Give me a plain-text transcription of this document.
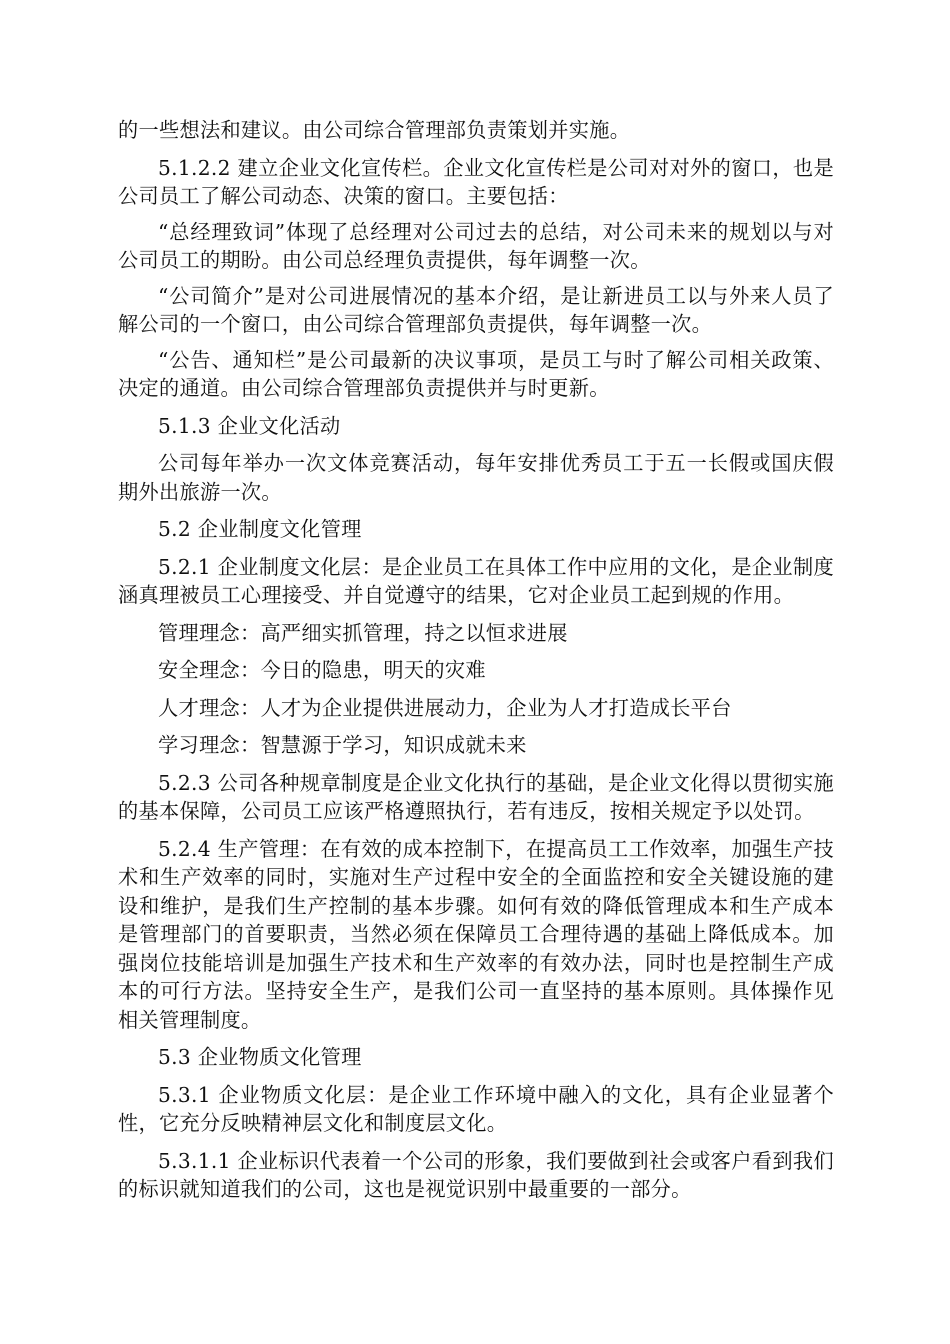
的一些想法和建议。由公司综合管理部负责策划并实施。

5.1.2.2 建立企业文化宣传栏。企业文化宣传栏是公司对对外的窗口，也是公司员工了解公司动态、决策的窗口。主要包括：

“总经理致词”体现了总经理对公司过去的总结，对公司未来的规划以与对公司员工的期盼。由公司总经理负责提供，每年调整一次。

“公司简介”是对公司进展情况的基本介绍，是让新进员工以与外来人员了解公司的一个窗口，由公司综合管理部负责提供，每年调整一次。

“公告、通知栏”是公司最新的决议事项，是员工与时了解公司相关政策、决定的通道。由公司综合管理部负责提供并与时更新。

5.1.3 企业文化活动

公司每年举办一次文体竞赛活动，每年安排优秀员工于五一长假或国庆假期外出旅游一次。

5.2 企业制度文化管理

5.2.1 企业制度文化层：是企业员工在具体工作中应用的文化，是企业制度涵真理被员工心理接受、并自觉遵守的结果，它对企业员工起到规的作用。

管理理念：高严细实抓管理，持之以恒求进展

安全理念：今日的隐患，明天的灾难

人才理念：人才为企业提供进展动力，企业为人才打造成长平台

学习理念：智慧源于学习，知识成就未来

5.2.3 公司各种规章制度是企业文化执行的基础，是企业文化得以贯彻实施的基本保障，公司员工应该严格遵照执行，若有违反，按相关规定予以处罚。

5.2.4 生产管理：在有效的成本控制下，在提高员工工作效率，加强生产技术和生产效率的同时，实施对生产过程中安全的全面监控和安全关键设施的建设和维护，是我们生产控制的基本步骤。如何有效的降低管理成本和生产成本是管理部门的首要职责，当然必须在保障员工合理待遇的基础上降低成本。加强岗位技能培训是加强生产技术和生产效率的有效办法，同时也是控制生产成本的可行方法。坚持安全生产，是我们公司一直坚持的基本原则。具体操作见相关管理制度。

5.3 企业物质文化管理

5.3.1 企业物质文化层：是企业工作环境中融入的文化，具有企业显著个性，它充分反映精神层文化和制度层文化。

5.3.1.1 企业标识代表着一个公司的形象，我们要做到社会或客户看到我们的标识就知道我们的公司，这也是视觉识别中最重要的一部分。
